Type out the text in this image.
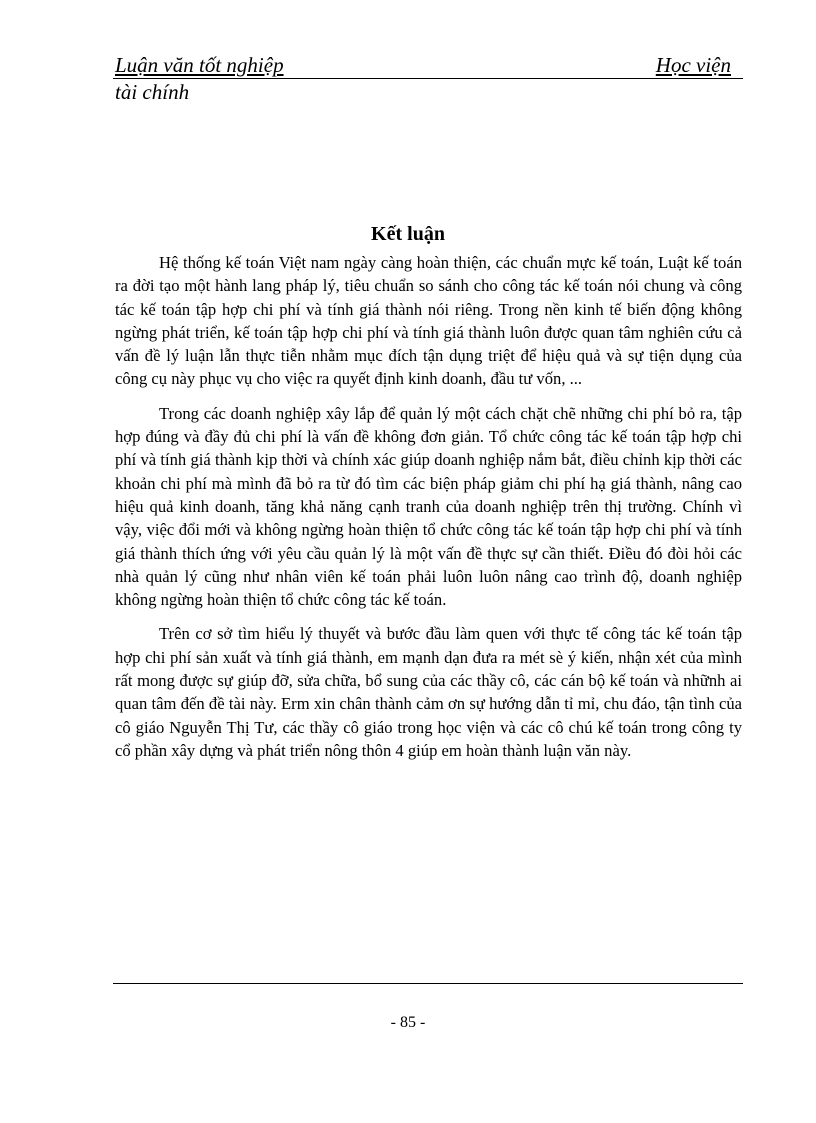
Luận văn tốt nghiệp	Học viện
tài chính
Kết luận

Hệ thống kế toán Việt nam ngày càng hoàn thiện, các chuẩn mực kế toán, Luật kế toán ra đời tạo một hành lang pháp lý, tiêu chuẩn so sánh cho công tác kế toán nói chung và công tác kế toán tập hợp chi phí và tính giá thành nói riêng. Trong nền kinh tế biến động không ngừng phát triển, kế toán tập hợp chi phí và tính giá thành luôn được quan tâm nghiên cứu cả vấn đề lý luận lẫn thực tiễn nhằm mục đích tận dụng triệt để hiệu quả và sự tiện dụng của công cụ này phục vụ cho việc ra quyết định kinh doanh, đầu tư vốn, ...

Trong các doanh nghiệp xây lắp để quản lý một cách chặt chẽ những chi phí bỏ ra, tập hợp đúng và đầy đủ chi phí là vấn đề không đơn giản. Tổ chức công tác kế toán tập hợp chi phí và tính giá thành kịp thời và chính xác giúp doanh nghiệp nắm bắt, điều chỉnh kịp thời các khoản chi phí mà mình đã bỏ ra từ đó tìm các biện pháp giảm chi phí hạ giá thành, nâng cao hiệu quả kinh doanh, tăng khả năng cạnh tranh của doanh nghiệp trên thị trường. Chính vì vậy, việc đổi mới và không ngừng hoàn thiện tổ chức công tác kế toán tập hợp chi phí và tính giá thành thích ứng với yêu cầu quản lý là một vấn đề thực sự cần thiết. Điều đó đòi hỏi các nhà quản lý cũng như nhân viên kế toán phải luôn luôn nâng cao trình độ, doanh nghiệp không ngừng hoàn thiện tổ chức công tác kế toán.

Trên cơ sở tìm hiểu lý thuyết và bước đầu làm quen với thực tế công tác kế toán tập hợp chi phí sản xuất và tính giá thành, em mạnh dạn đưa ra mét sè ý kiến, nhận xét của mình rất mong được sự giúp đỡ, sửa chữa, bổ sung của các thầy cô, các cán bộ kế toán và nhữnh ai quan tâm đến đề tài này. Erm xin chân thành cảm ơn sự hướng dẫn tỉ mỉ, chu đáo, tận tình của cô giáo Nguyễn Thị Tư, các thầy cô giáo trong học viện và các cô chú kế toán trong công ty cổ phần xây dựng và phát triển nông thôn 4 giúp em hoàn thành luận văn này.

- 85 -
